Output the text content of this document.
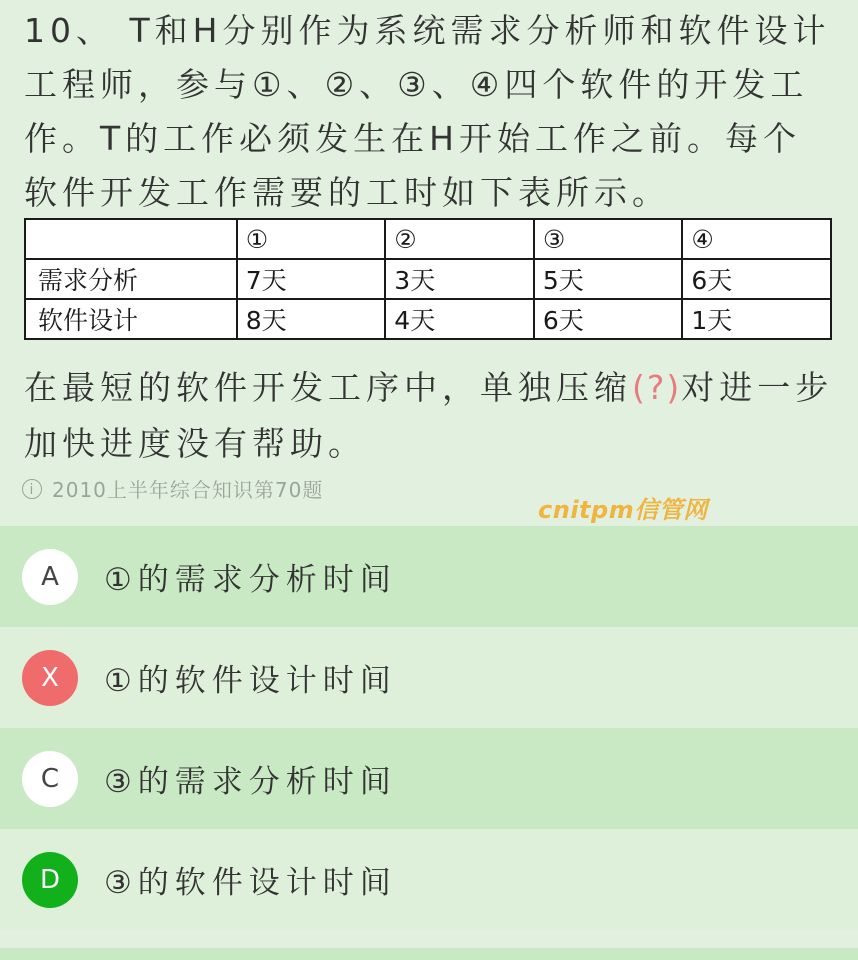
10、 T和H分别作为系统需求分析师和软件设计工程师，参与①、②、③、④四个软件的开发工作。T的工作必须发生在H开始工作之前。每个软件开发工作需要的工时如下表所示。
	①	②	③	④
需求分析	7天	3天	5天	6天
软件设计	8天	4天	6天	1天
在最短的软件开发工序中，单独压缩(?)对进一步加快进度没有帮助。
i 2010上半年综合知识第70题
cnitpm信管网
A	①的需求分析时间
X	①的软件设计时间
C	③的需求分析时间
D	③的软件设计时间
